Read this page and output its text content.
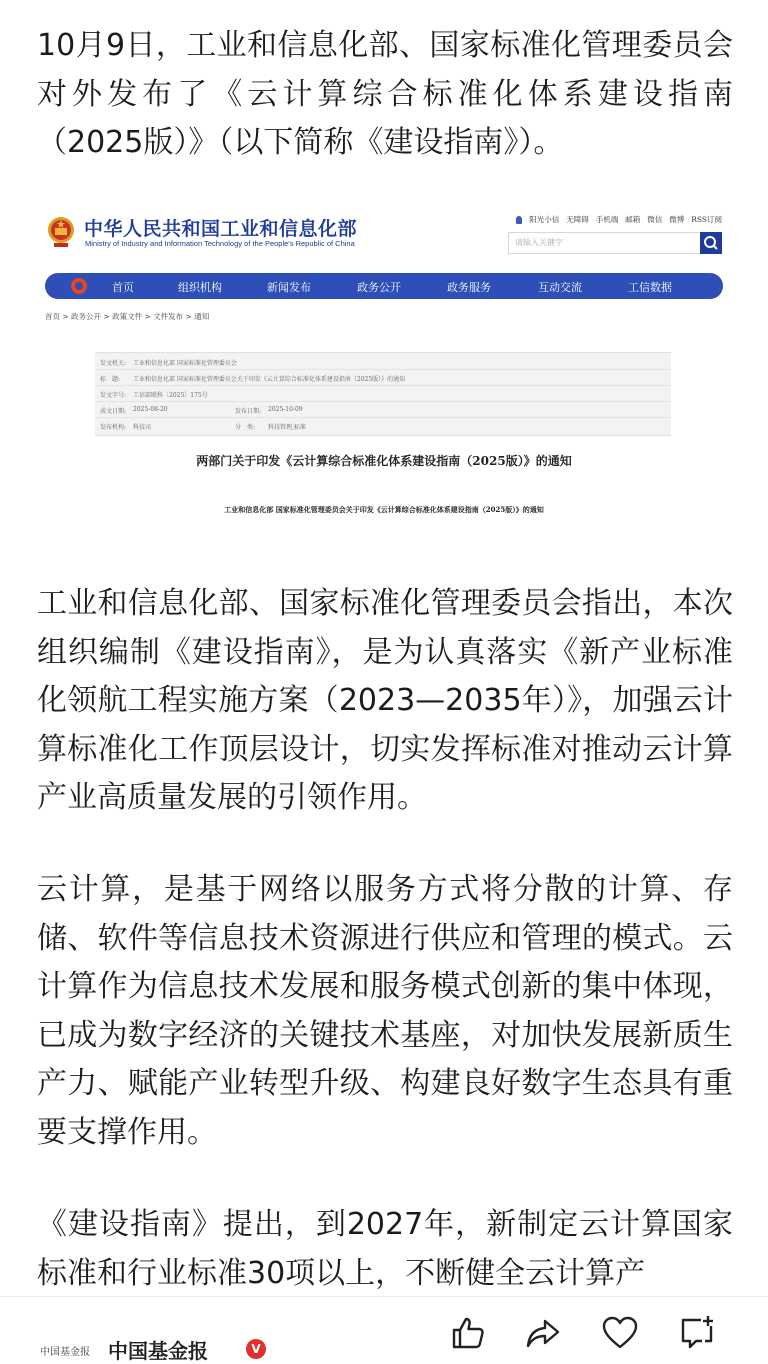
10月9日，工业和信息化部、国家标准化管理委员会对外发布了《云计算综合标准化体系建设指南（2025版）》（以下简称《建设指南》）。

中华人民共和国工业和信息化部
Ministry of Industry and Information Technology of the People's Republic of China
阳光小信 无障碍 手机端 邮箱 微信 微博 RSS订阅
请输入关键字
首页	组织机构	新闻发布	政务公开	政务服务	互动交流	工信数据
首页 > 政务公开 > 政策文件 > 文件发布 > 通知
发文机关: 工业和信息化部 国家标准化管理委员会
标　题: 工业和信息化部 国家标准化管理委员会关于印发《云计算综合标准化体系建设指南（2025版）》的通知
发文字号: 工信部联科〔2025〕175号
成文日期: 2025-08-20	发布日期: 2025-10-09
发布机构: 科技司	分　类: 科技管理,标准
两部门关于印发《云计算综合标准化体系建设指南（2025版）》的通知
工业和信息化部 国家标准化管理委员会关于印发《云计算综合标准化体系建设指南（2025版）》的通知

工业和信息化部、国家标准化管理委员会指出，本次组织编制《建设指南》，是为认真落实《新产业标准化领航工程实施方案（2023—2035年）》，加强云计算标准化工作顶层设计，切实发挥标准对推动云计算产业高质量发展的引领作用。

云计算，是基于网络以服务方式将分散的计算、存储、软件等信息技术资源进行供应和管理的模式。云计算作为信息技术发展和服务模式创新的集中体现，已成为数字经济的关键技术基座，对加快发展新质生产力、赋能产业转型升级、构建良好数字生态具有重要支撑作用。

《建设指南》提出，到2027年，新制定云计算国家标准和行业标准30项以上，不断健全云计算产

中国基金报 中国基金报	V
